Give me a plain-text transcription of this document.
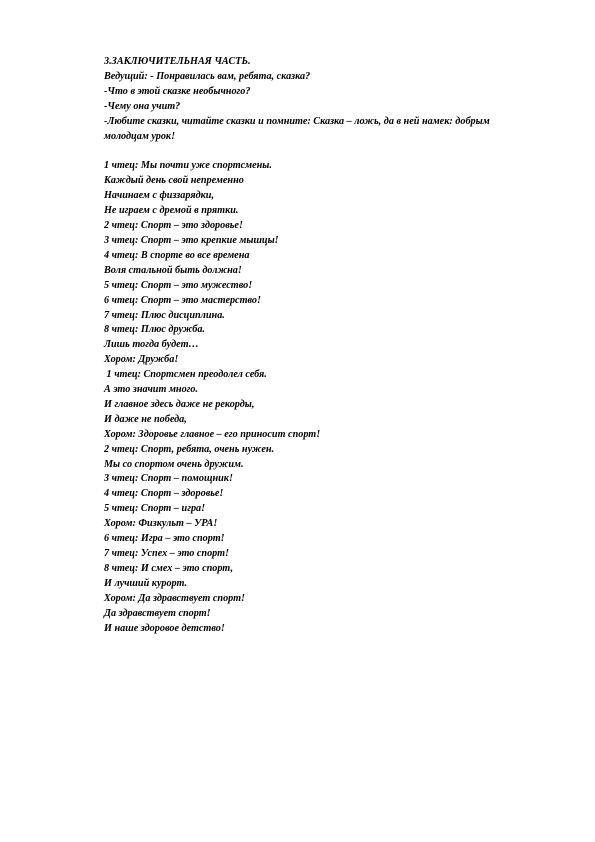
3.ЗАКЛЮЧИТЕЛЬНАЯ ЧАСТЬ.
Ведущий: - Понравилась вам, ребята, сказка?
-Что в этой сказке необычного?
-Чему она учит?
-Любите сказки, читайте сказки и помните: Сказка – ложь, да в ней намек: добрым молодцам урок!
1 чтец: Мы почти уже спортсмены.
Каждый день свой непременно
Начинаем с физзарядки,
Не играем с дремой в прятки.
2 чтец: Спорт – это здоровье!
3 чтец: Спорт – это крепкие мышцы!
4 чтец: В спорте во все времена
Воля стальной быть должна!
5 чтец: Спорт – это мужество!
6 чтец: Спорт – это мастерство!
7 чтец: Плюс дисциплина.
8 чтец: Плюс дружба.
Лишь тогда будет…
Хором: Дружба!
1 чтец: Спортсмен преодолел себя.
А это значит много.
И главное здесь даже не рекорды,
И даже не победа,
Хором: Здоровье главное – его приносит спорт!
2 чтец: Спорт, ребята, очень нужен.
Мы со спортом очень дружим.
3 чтец: Спорт – помощник!
4 чтец: Спорт – здоровье!
5 чтец: Спорт – игра!
Хором: Физкульт – УРА!
6 чтец: Игра – это спорт!
7 чтец: Успех – это спорт!
8 чтец: И смех – это спорт,
И лучший курорт.
Хором: Да здравствует спорт!
Да здравствует спорт!
И наше здоровое детство!
